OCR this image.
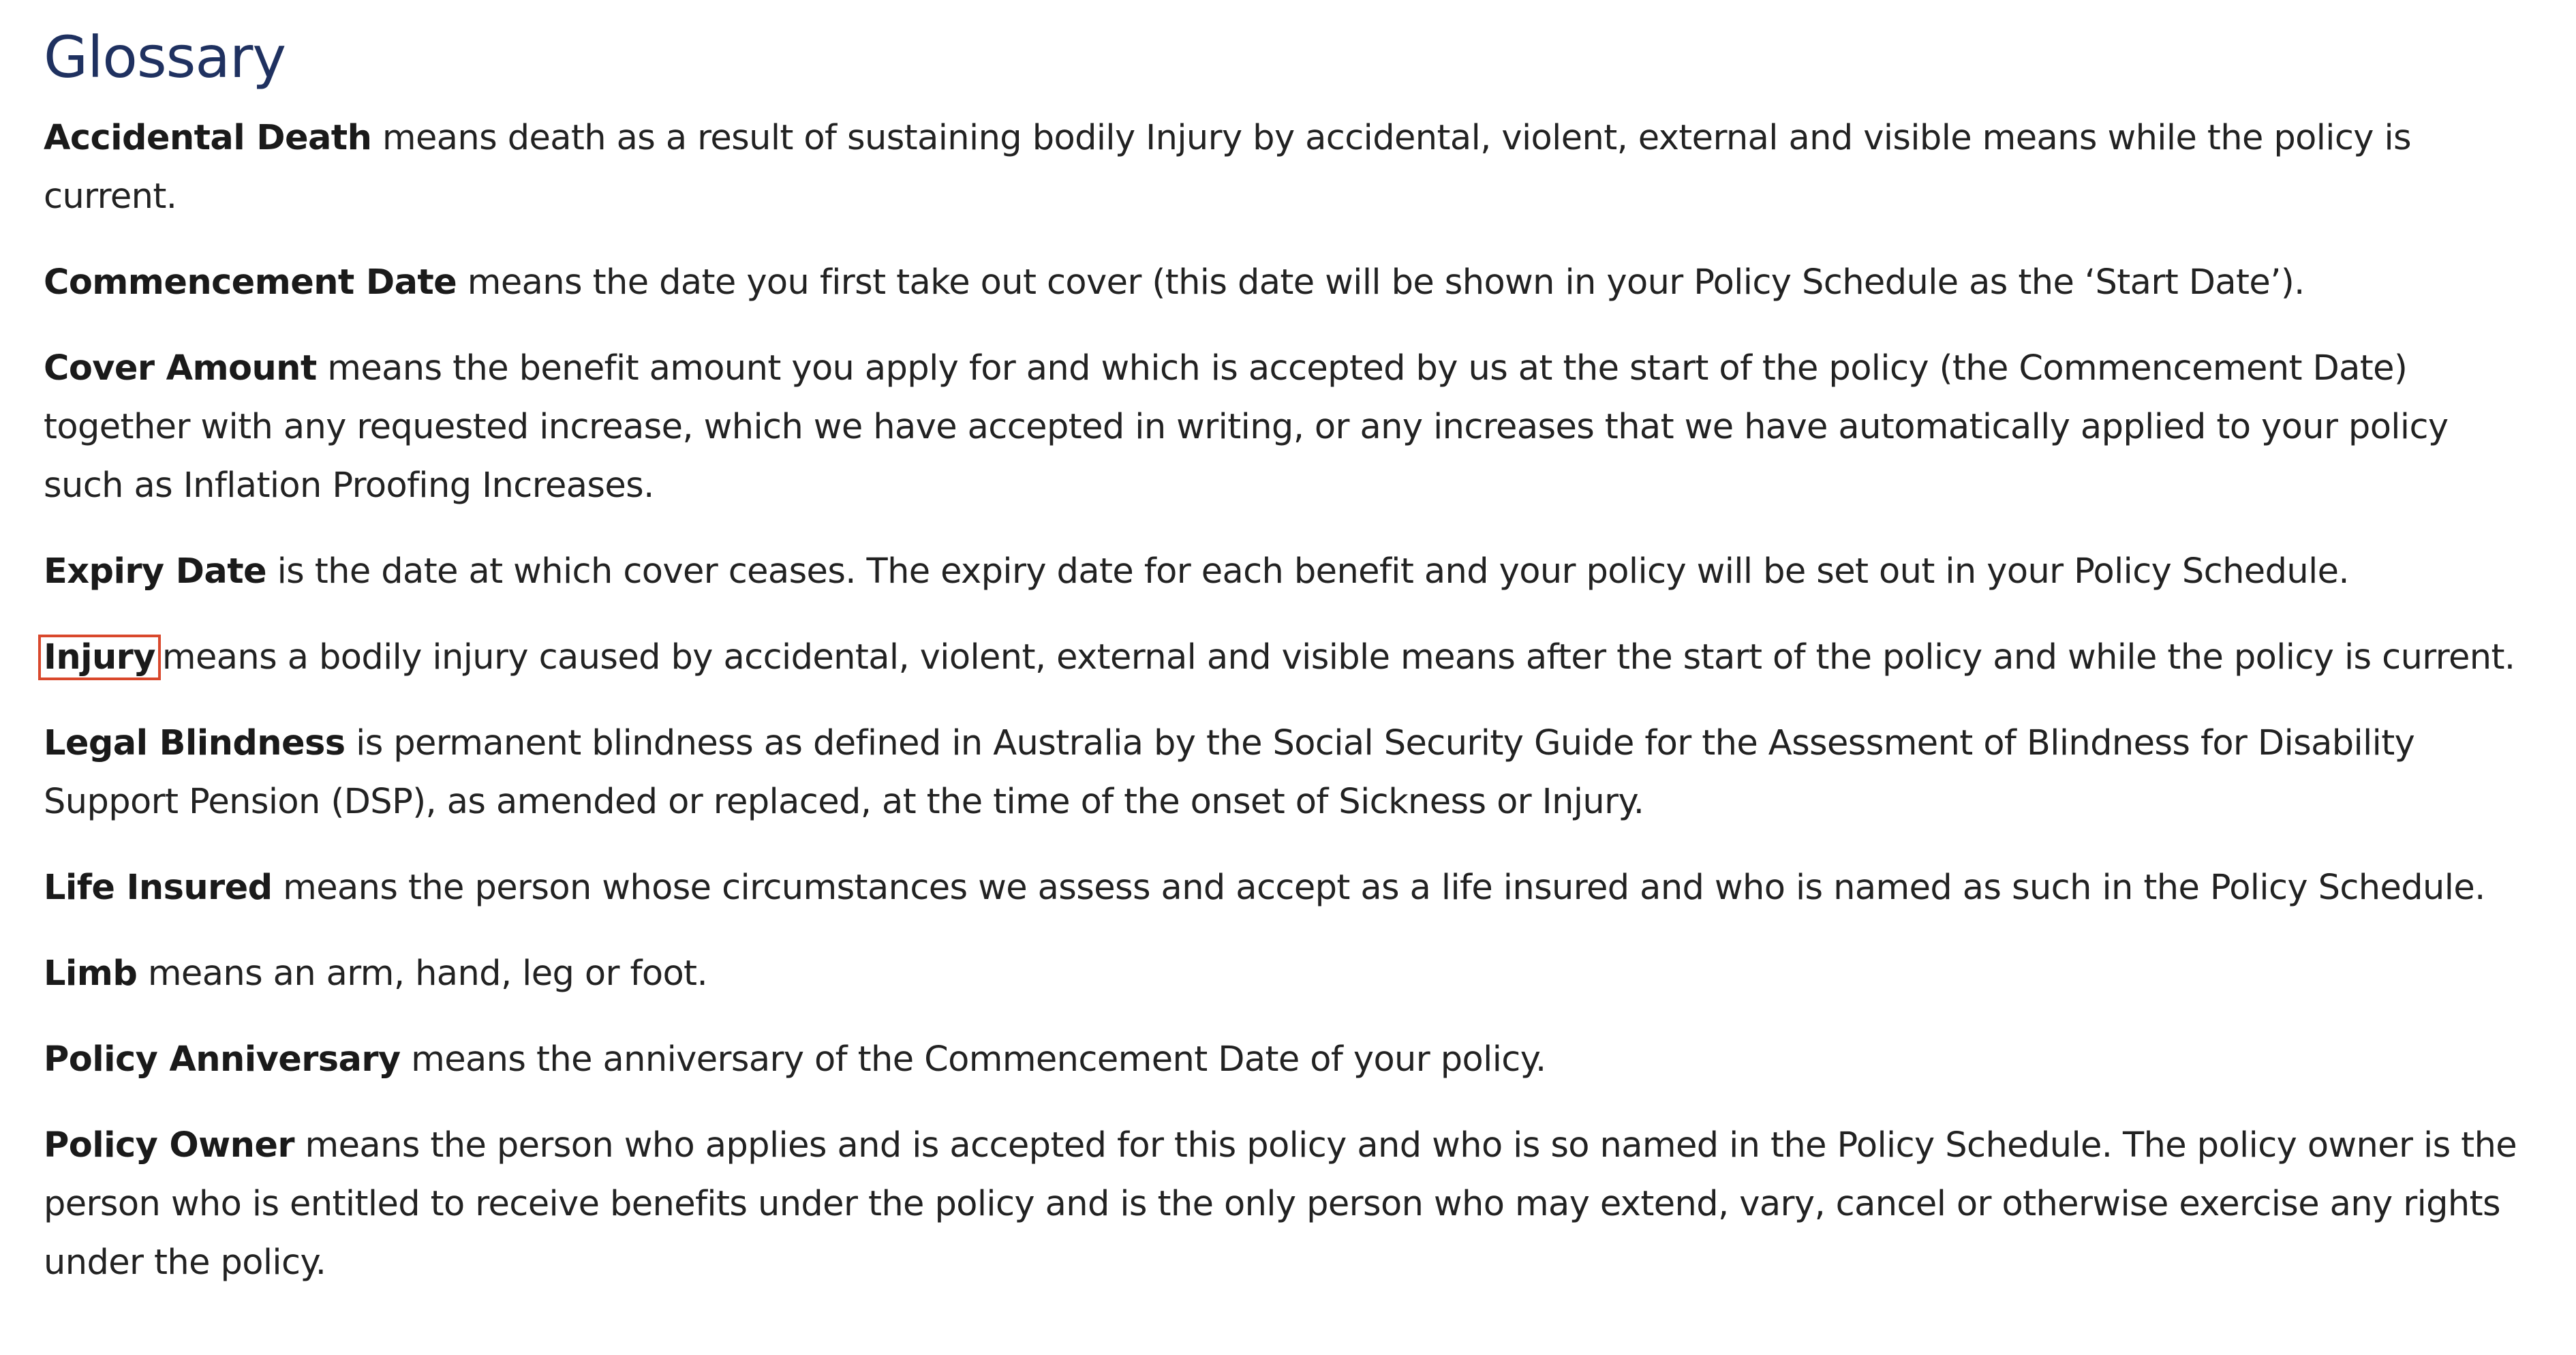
Glossary

Accidental Death means death as a result of sustaining bodily Injury by accidental, violent, external and visible means while the policy is current.

Commencement Date means the date you first take out cover (this date will be shown in your Policy Schedule as the ‘Start Date’).

Cover Amount means the benefit amount you apply for and which is accepted by us at the start of the policy (the Commencement Date) together with any requested increase, which we have accepted in writing, or any increases that we have automatically applied to your policy such as Inflation Proofing Increases.

Expiry Date is the date at which cover ceases. The expiry date for each benefit and your policy will be set out in your Policy Schedule.

Injury means a bodily injury caused by accidental, violent, external and visible means after the start of the policy and while the policy is current.

Legal Blindness is permanent blindness as defined in Australia by the Social Security Guide for the Assessment of Blindness for Disability Support Pension (DSP), as amended or replaced, at the time of the onset of Sickness or Injury.

Life Insured means the person whose circumstances we assess and accept as a life insured and who is named as such in the Policy Schedule.

Limb means an arm, hand, leg or foot.

Policy Anniversary means the anniversary of the Commencement Date of your policy.

Policy Owner means the person who applies and is accepted for this policy and who is so named in the Policy Schedule. The policy owner is the person who is entitled to receive benefits under the policy and is the only person who may extend, vary, cancel or otherwise exercise any rights under the policy.
